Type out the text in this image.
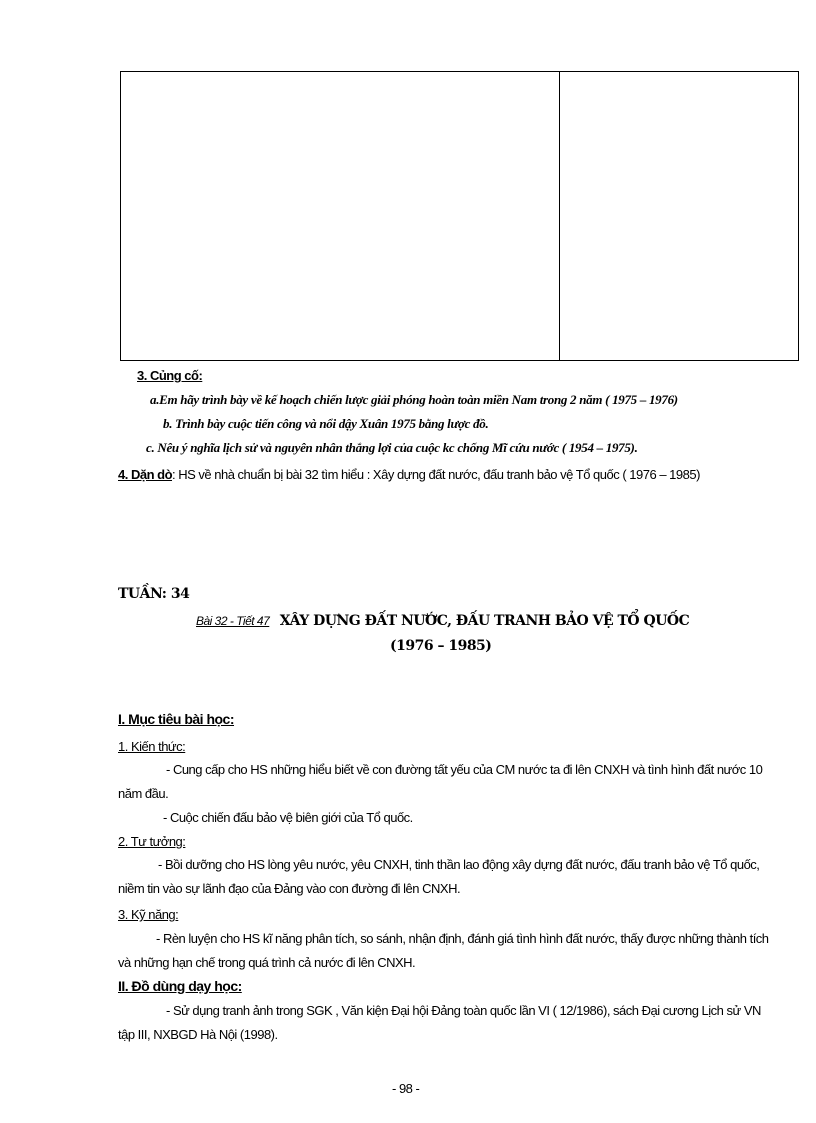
3. Củng cố:
a.Em hãy trình bày về kế hoạch chiến lược giải phóng hoàn toàn miền Nam trong 2 năm ( 1975 – 1976)
b. Trình bày cuộc tiến công và nổi dậy Xuân 1975 bằng lược đồ.
c. Nêu ý nghĩa lịch sử và nguyên nhân thắng lợi của cuộc kc chống Mĩ cứu nước ( 1954 – 1975).
4. Dặn dò: HS về nhà chuẩn bị bài 32 tìm hiểu : Xây dựng đất nước, đấu tranh bảo vệ Tổ quốc ( 1976 – 1985)
TUẦN: 34
Bài 32 - Tiết 47 XÂY DỰNG ĐẤT NƯỚC, ĐẤU TRANH BẢO VỆ TỔ QUỐC
(1976 – 1985)
I. Mục tiêu bài học:
1. Kiến thức:
- Cung cấp cho HS những hiểu biết về con đường tất yếu của CM nước ta đi lên CNXH và tình hình đất nước 10
năm đầu.
- Cuộc chiến đấu bảo vệ biên giới của Tổ quốc.
2. Tư tưởng:
- Bồi dưỡng cho HS lòng yêu nước, yêu CNXH, tinh thần lao động xây dựng đất nước, đấu tranh bảo vệ Tổ quốc,
niềm tin vào sự lãnh đạo của Đảng vào con đường đi lên CNXH.
3. Kỹ năng:
- Rèn luyện cho HS kĩ năng phân tích, so sánh, nhận định, đánh giá tình hình đất nước, thấy được những thành tích
và những hạn chế trong quá trình cả nước đi lên CNXH.
II. Đồ dùng dạy học:
- Sử dụng tranh ảnh trong SGK , Văn kiện Đại hội Đảng toàn quốc lần VI ( 12/1986), sách Đại cương Lịch sử VN
tập III, NXBGD Hà Nội (1998).
- 98 -
